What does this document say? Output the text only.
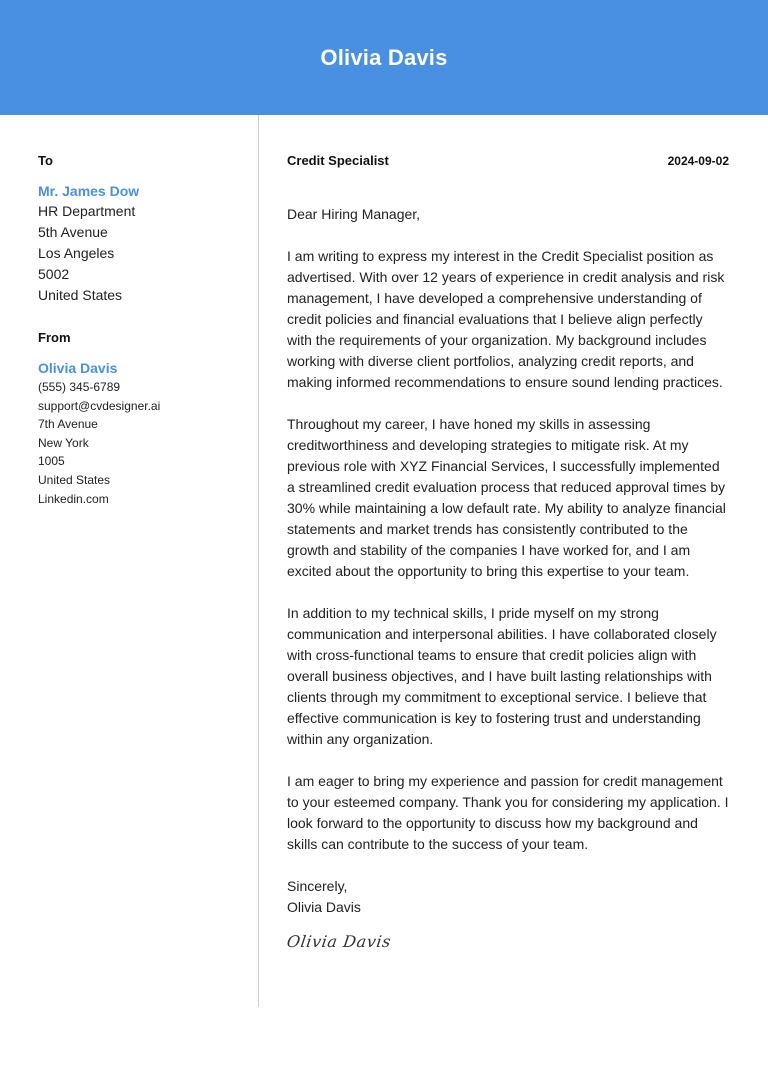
Olivia Davis
To
Mr. James Dow
HR Department
5th Avenue
Los Angeles
5002
United States
From
Olivia Davis
(555) 345-6789
support@cvdesigner.ai
7th Avenue
New York
1005
United States
Linkedin.com
Credit Specialist	2024-09-02
Dear Hiring Manager,
I am writing to express my interest in the Credit Specialist position as advertised. With over 12 years of experience in credit analysis and risk management, I have developed a comprehensive understanding of credit policies and financial evaluations that I believe align perfectly with the requirements of your organization. My background includes working with diverse client portfolios, analyzing credit reports, and making informed recommendations to ensure sound lending practices.
Throughout my career, I have honed my skills in assessing creditworthiness and developing strategies to mitigate risk. At my previous role with XYZ Financial Services, I successfully implemented a streamlined credit evaluation process that reduced approval times by 30% while maintaining a low default rate. My ability to analyze financial statements and market trends has consistently contributed to the growth and stability of the companies I have worked for, and I am excited about the opportunity to bring this expertise to your team.
In addition to my technical skills, I pride myself on my strong communication and interpersonal abilities. I have collaborated closely with cross-functional teams to ensure that credit policies align with overall business objectives, and I have built lasting relationships with clients through my commitment to exceptional service. I believe that effective communication is key to fostering trust and understanding within any organization.
I am eager to bring my experience and passion for credit management to your esteemed company. Thank you for considering my application. I look forward to the opportunity to discuss how my background and skills can contribute to the success of your team.
Sincerely,
Olivia Davis
Olivia Davis
